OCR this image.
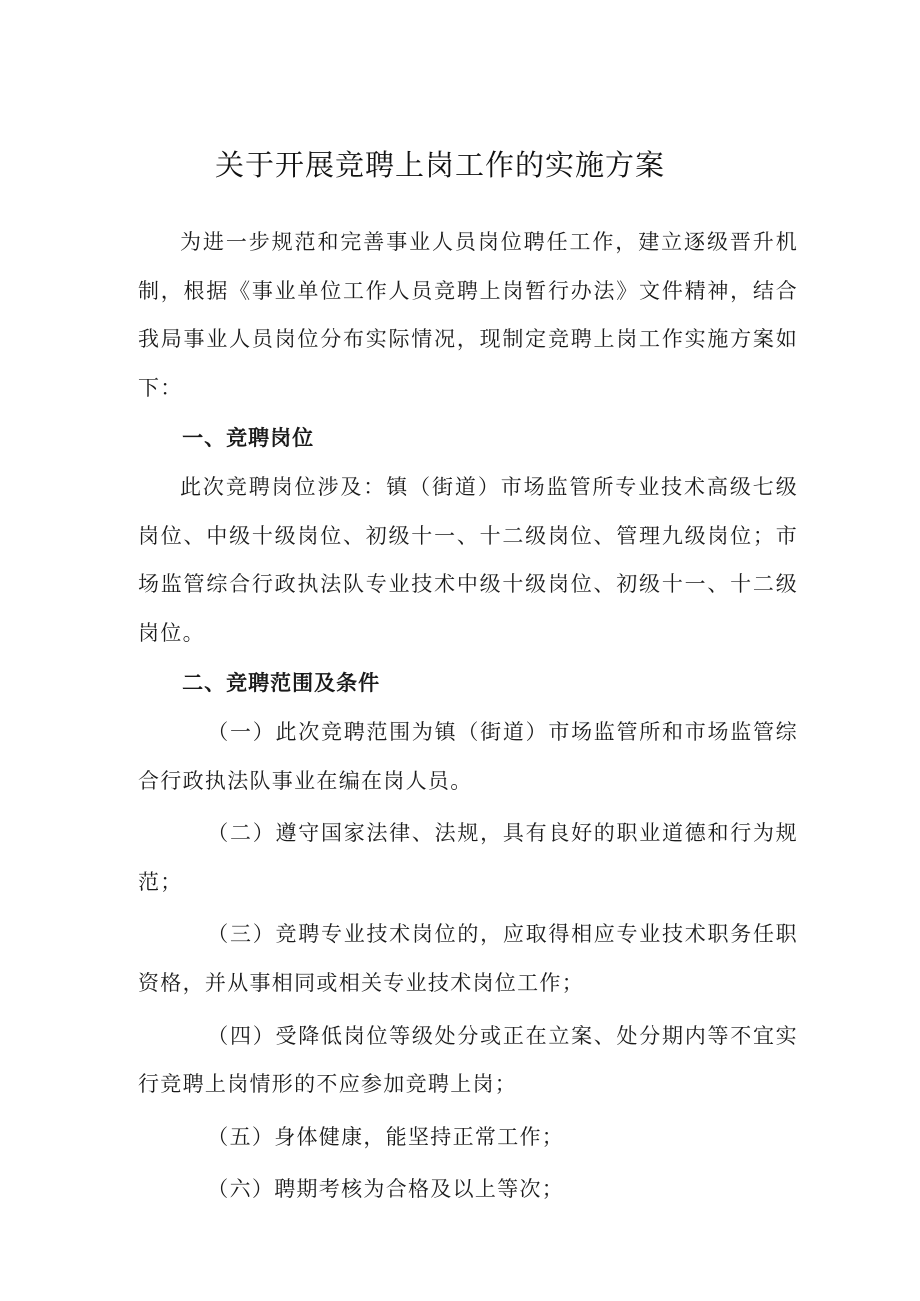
关于开展竞聘上岗工作的实施方案

为进一步规范和完善事业人员岗位聘任工作，建立逐级晋升机制，根据《事业单位工作人员竞聘上岗暂行办法》文件精神，结合我局事业人员岗位分布实际情况，现制定竞聘上岗工作实施方案如下：

一、竞聘岗位

此次竞聘岗位涉及：镇（街道）市场监管所专业技术高级七级岗位、中级十级岗位、初级十一、十二级岗位、管理九级岗位；市场监管综合行政执法队专业技术中级十级岗位、初级十一、十二级岗位。

二、竞聘范围及条件

（一）此次竞聘范围为镇（街道）市场监管所和市场监管综合行政执法队事业在编在岗人员。

（二）遵守国家法律、法规，具有良好的职业道德和行为规范；

（三）竞聘专业技术岗位的，应取得相应专业技术职务任职资格，并从事相同或相关专业技术岗位工作；

（四）受降低岗位等级处分或正在立案、处分期内等不宜实行竞聘上岗情形的不应参加竞聘上岗；

（五）身体健康，能坚持正常工作；

（六）聘期考核为合格及以上等次；
